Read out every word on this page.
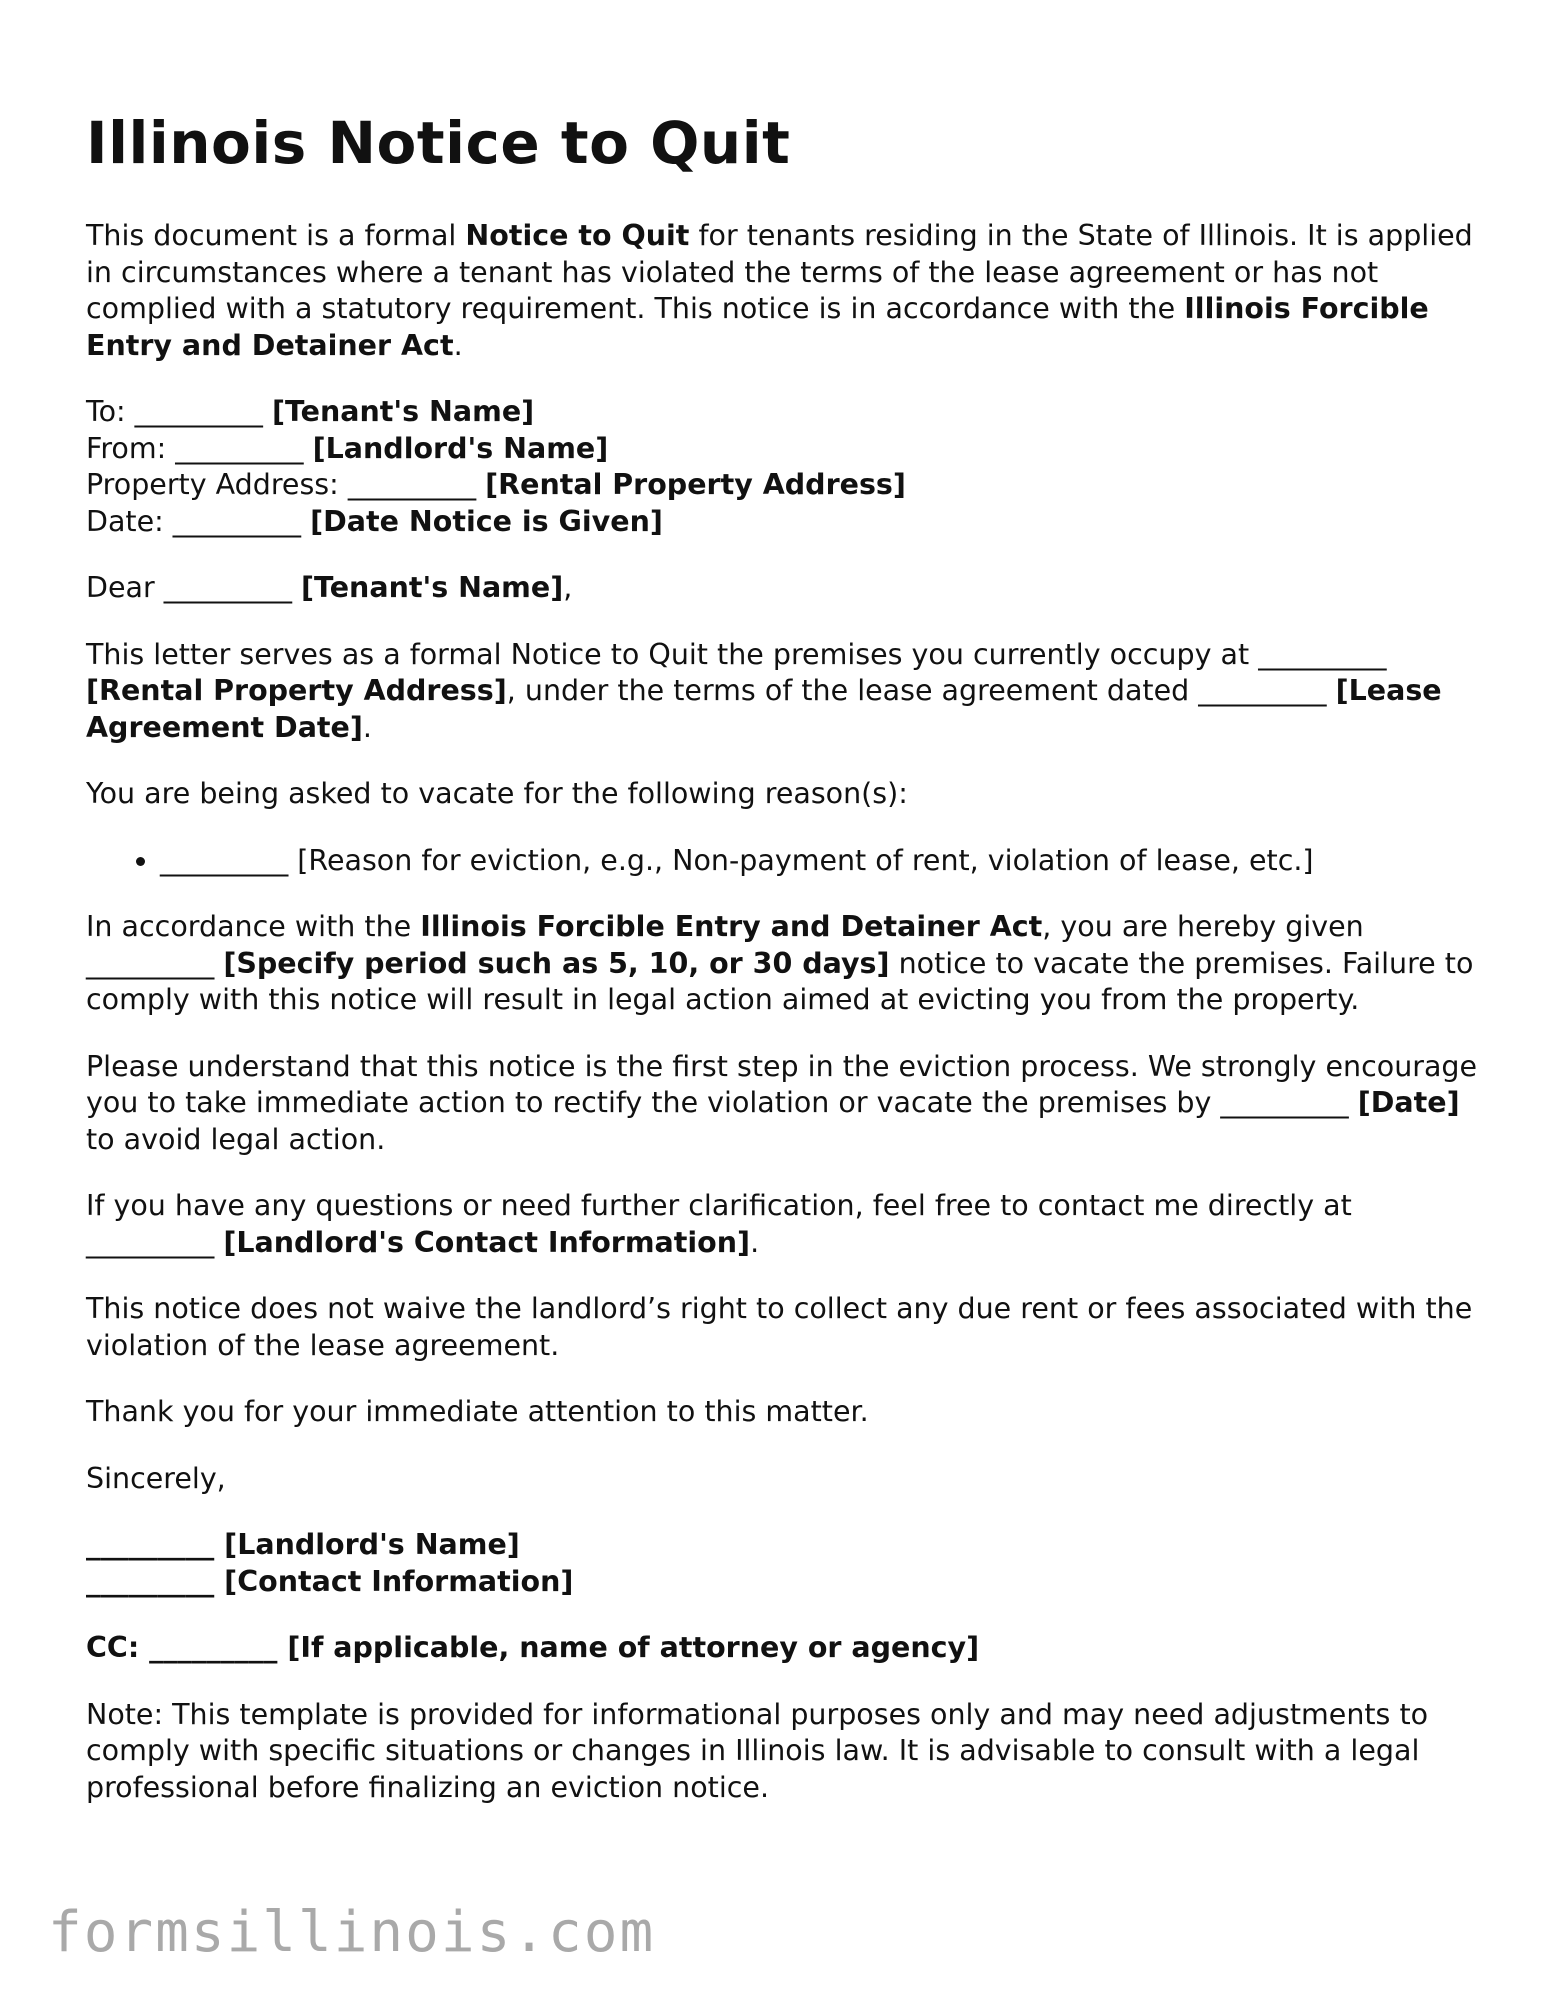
Illinois Notice to Quit

This document is a formal Notice to Quit for tenants residing in the State of Illinois. It is applied in circumstances where a tenant has violated the terms of the lease agreement or has not complied with a statutory requirement. This notice is in accordance with the Illinois Forcible Entry and Detainer Act.

To: _________ [Tenant's Name]

From: _________ [Landlord's Name]

Property Address: _________ [Rental Property Address]

Date: _________ [Date Notice is Given]

Dear _________ [Tenant's Name],

This letter serves as a formal Notice to Quit the premises you currently occupy at _________ [Rental Property Address], under the terms of the lease agreement dated _________ [Lease Agreement Date].

You are being asked to vacate for the following reason(s):

• _________ [Reason for eviction, e.g., Non-payment of rent, violation of lease, etc.]

In accordance with the Illinois Forcible Entry and Detainer Act, you are hereby given _________ [Specify period such as 5, 10, or 30 days] notice to vacate the premises. Failure to comply with this notice will result in legal action aimed at evicting you from the property.

Please understand that this notice is the first step in the eviction process. We strongly encourage you to take immediate action to rectify the violation or vacate the premises by _________ [Date] to avoid legal action.

If you have any questions or need further clarification, feel free to contact me directly at _________ [Landlord's Contact Information].

This notice does not waive the landlord’s right to collect any due rent or fees associated with the violation of the lease agreement.

Thank you for your immediate attention to this matter.

Sincerely,

_________ [Landlord's Name]

_________ [Contact Information]

CC: _________ [If applicable, name of attorney or agency]

Note: This template is provided for informational purposes only and may need adjustments to comply with specific situations or changes in Illinois law. It is advisable to consult with a legal professional before finalizing an eviction notice.

formsillinois.com
